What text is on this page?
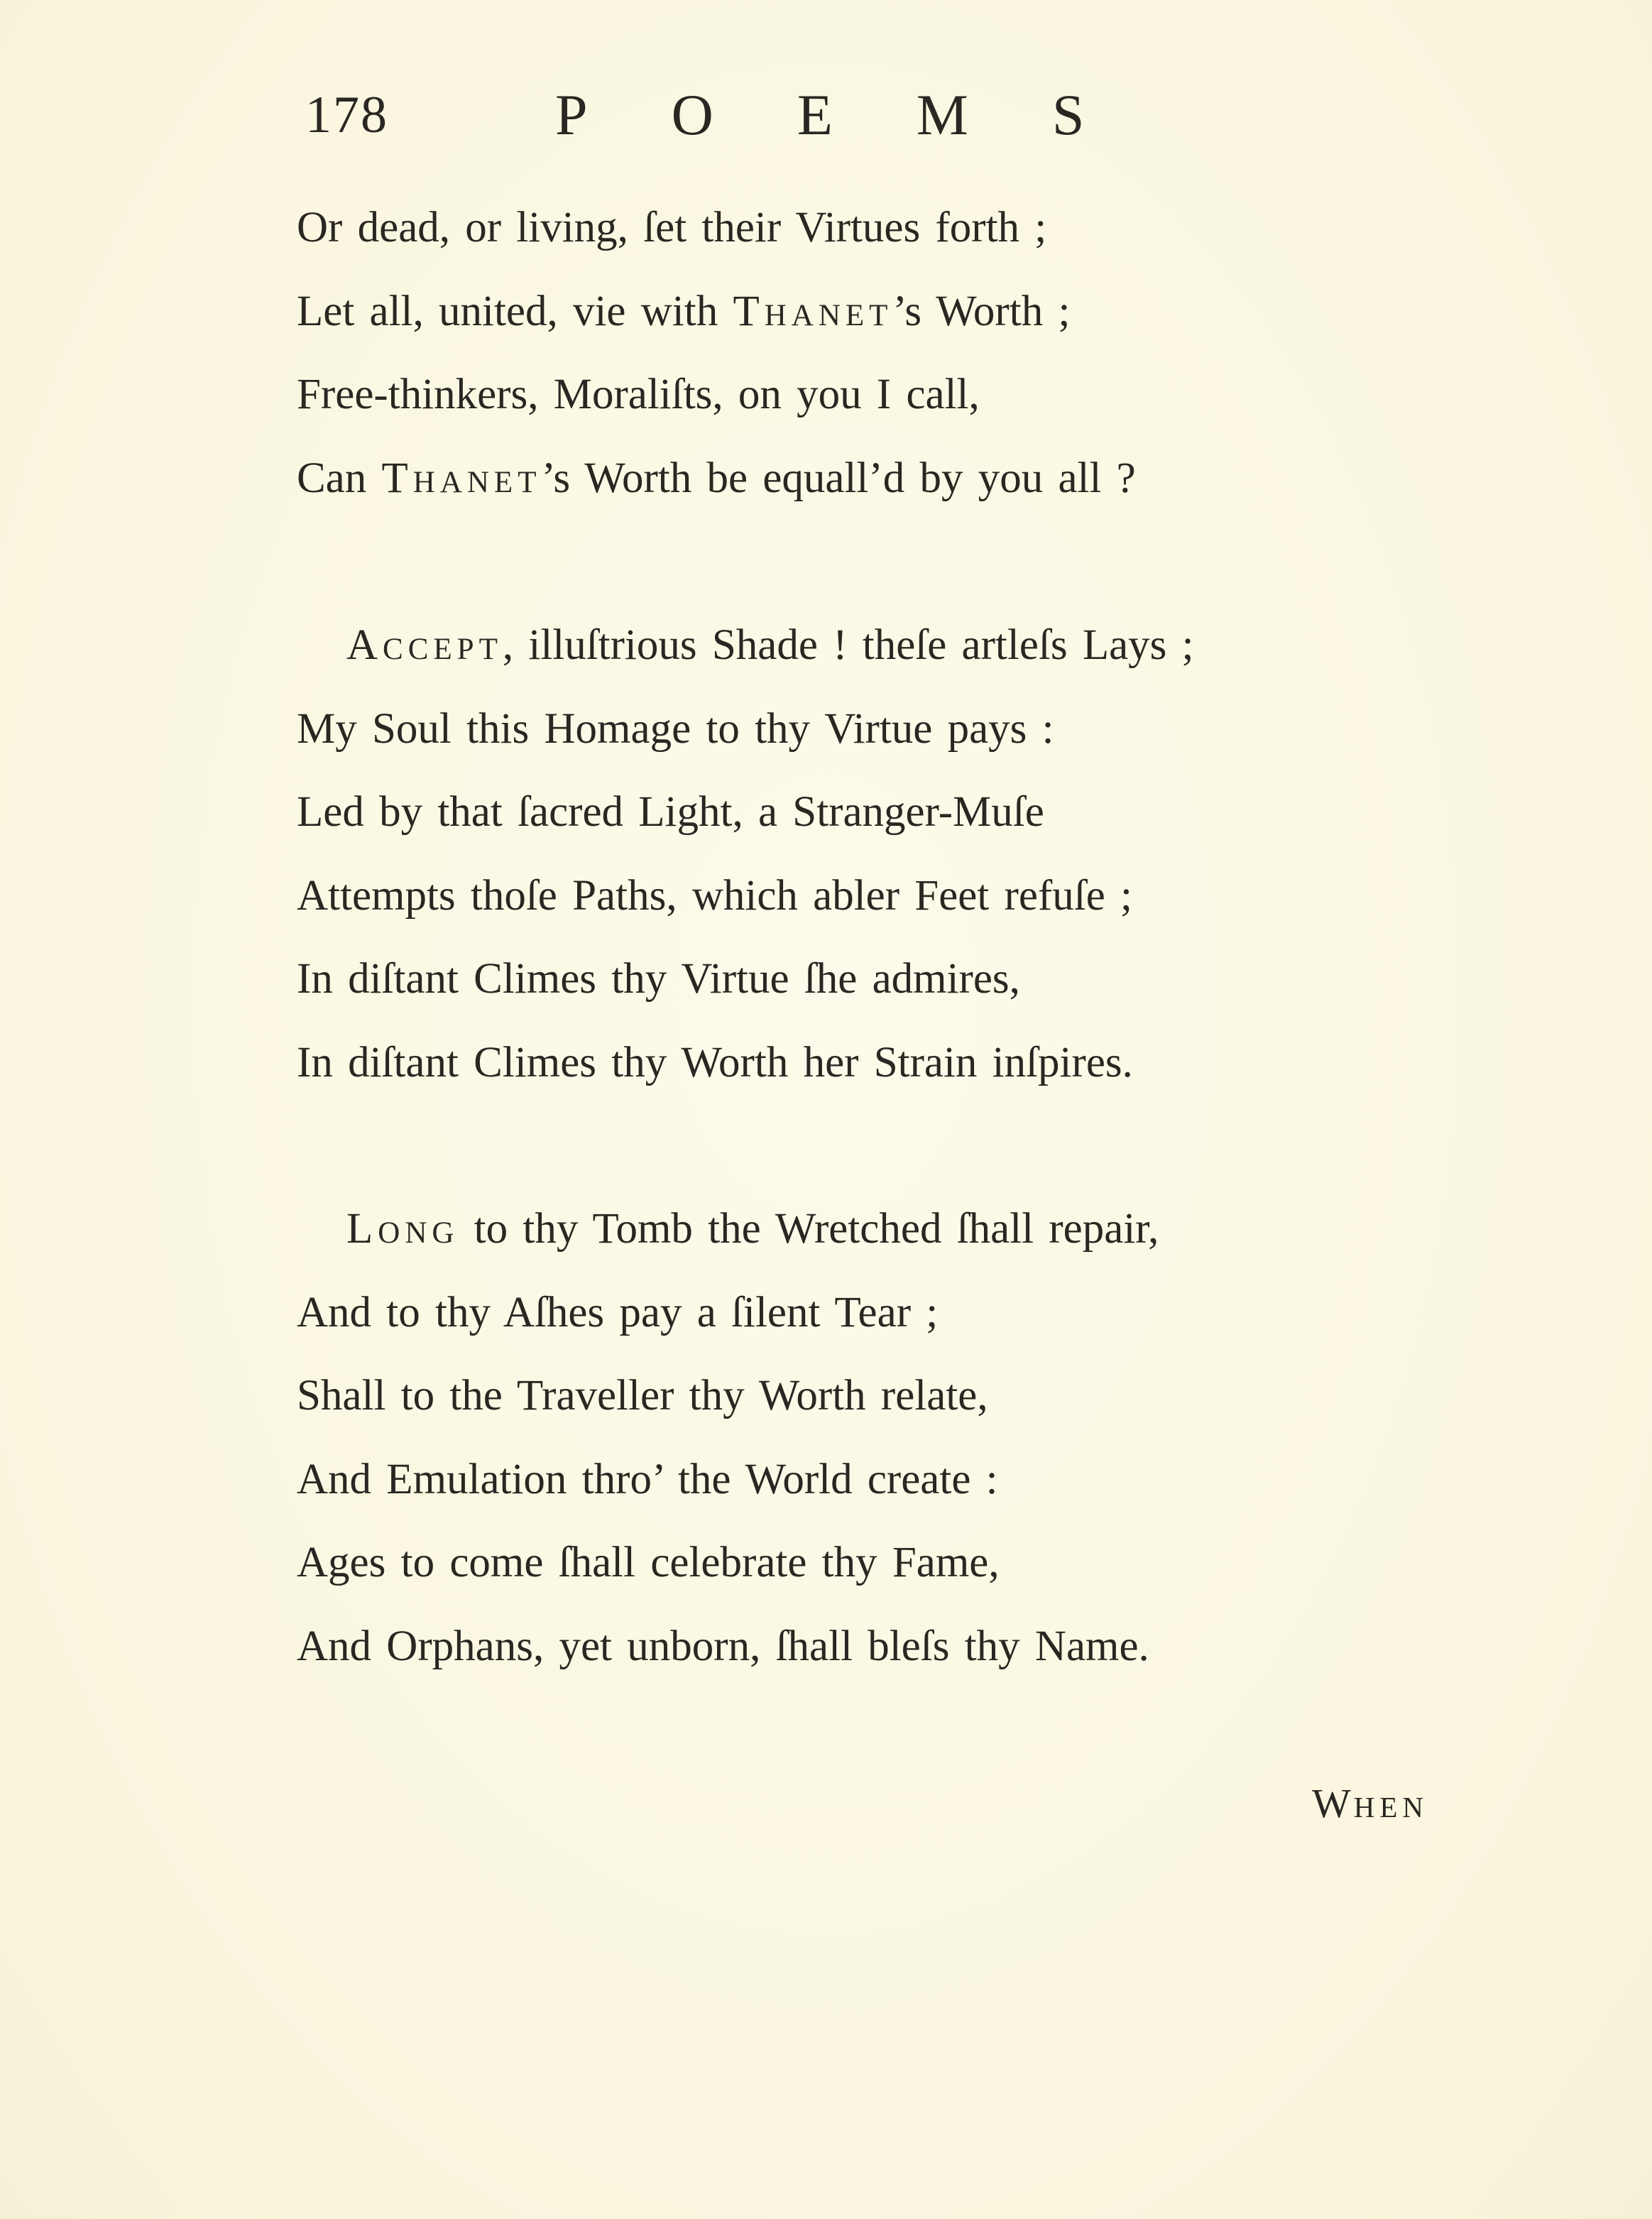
178	POEMS
Or dead, or living, ſet their Virtues forth ;
Let all, united, vie with Thanet’s Worth ;
Free-thinkers, Moraliſts, on you I call,
Can Thanet’s Worth be equall’d by you all ?
Accept, illuſtrious Shade ! theſe artleſs Lays ;
My Soul this Homage to thy Virtue pays :
Led by that ſacred Light, a Stranger-Muſe
Attempts thoſe Paths, which abler Feet refuſe ;
In diſtant Climes thy Virtue ſhe admires,
In diſtant Climes thy Worth her Strain inſpires.
Long to thy Tomb the Wretched ſhall repair,
And to thy Aſhes pay a ſilent Tear ;
Shall to the Traveller thy Worth relate,
And Emulation thro’ the World create :
Ages to come ſhall celebrate thy Fame,
And Orphans, yet unborn, ſhall bleſs thy Name.
When
